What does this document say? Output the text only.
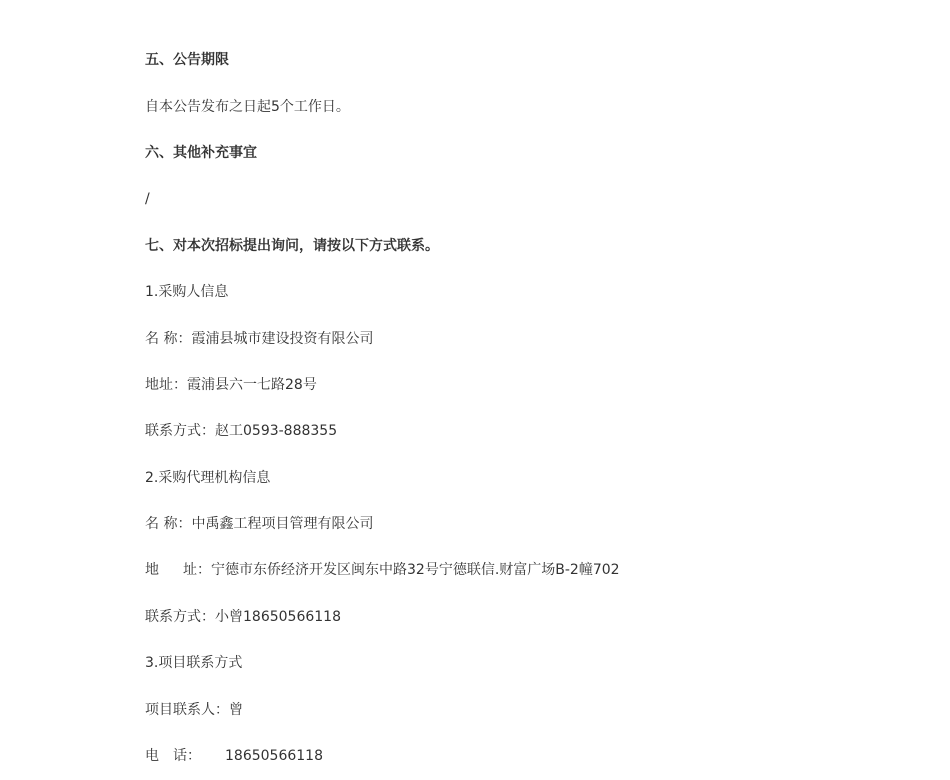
五、公告期限
自本公告发布之日起5个工作日。
六、其他补充事宜
/
七、对本次招标提出询问，请按以下方式联系。
1.采购人信息
名 称：霞浦县城市建设投资有限公司
地址：霞浦县六一七路28号
联系方式：赵工0593-888355
2.采购代理机构信息
名 称：中禹鑫工程项目管理有限公司
地 址：宁德市东侨经济开发区闽东中路32号宁德联信.财富广场B-2幢702
联系方式：小曾18650566118
3.项目联系方式
项目联系人：曾
电 话： 18650566118
